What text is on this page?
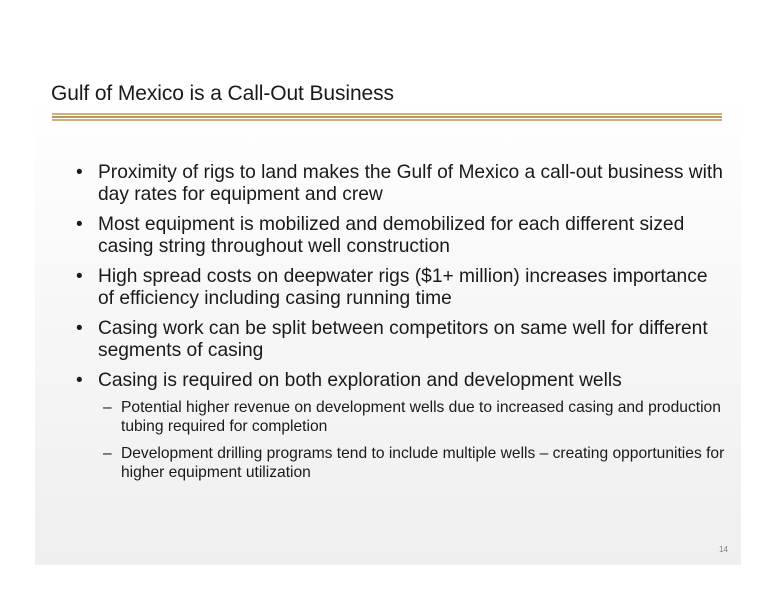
Gulf of Mexico is a Call-Out Business
• Proximity of rigs to land makes the Gulf of Mexico a call-out business with day rates for equipment and crew
• Most equipment is mobilized and demobilized for each different sized casing string throughout well construction
• High spread costs on deepwater rigs ($1+ million) increases importance of efficiency including casing running time
• Casing work can be split between competitors on same well for different segments of casing
• Casing is required on both exploration and development wells
– Potential higher revenue on development wells due to increased casing and production tubing required for completion
– Development drilling programs tend to include multiple wells – creating opportunities for higher equipment utilization
14
